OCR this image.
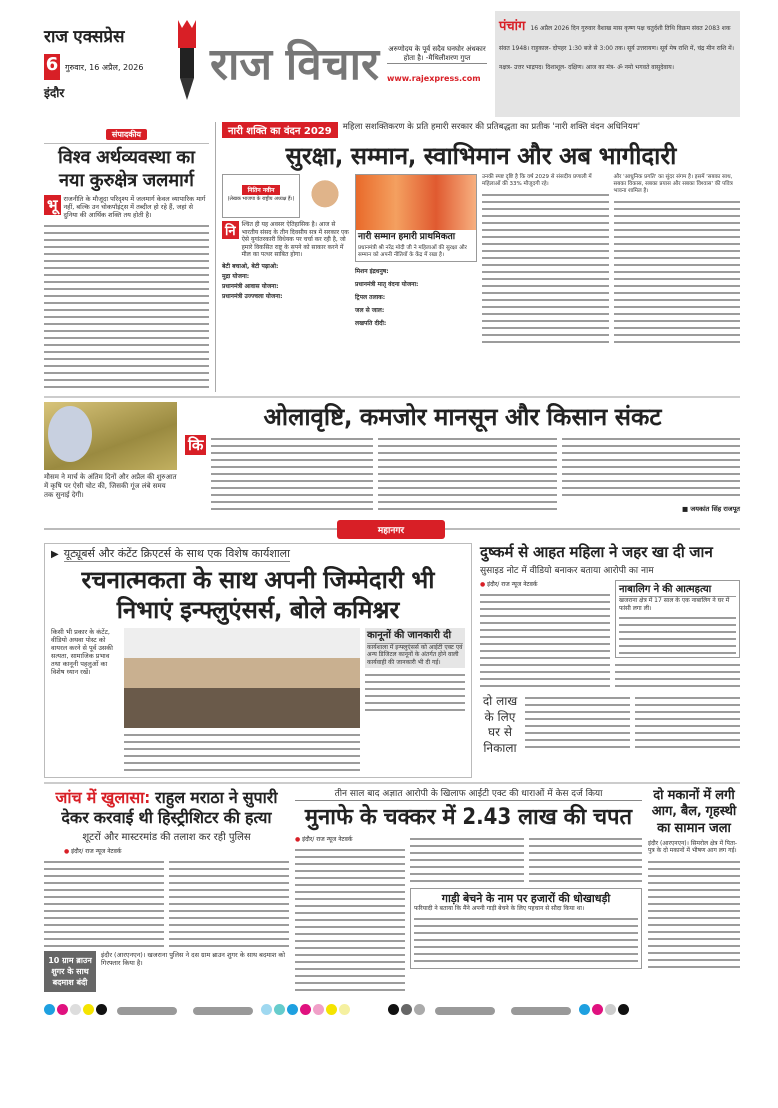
राज एक्सप्रेस
6 गुरुवार, 16 अप्रैल, 2026
इंदौर
राज विचार अरुणोदय के पूर्व सदैव घनघोर अंधकार होता है। -मैथिलीशरण गुप्त
www.rajexpress.com
पंचांग 16 अप्रैल 2026 दिन गुरुवार वैशाख मास कृष्ण पक्ष चतुर्दशी तिथि विक्रम संवत 2083 शक संवत 1948। राहुकाल- दोपहर 1:30 बजे से 3:00 तक। सूर्य उत्तरायण। सूर्य मेष राशि में, चंद्र मीन राशि में। नक्षत्र- उत्तर भाद्रपद। दिशाशूल- दक्षिण। आज का मंत्र- ॐ नमो भगवते वासुदेवाय।
संपादकीय
विश्व अर्थव्यवस्था का नया कुरुक्षेत्र जलमार्ग
भू राजनीति के मौजूदा परिदृश्य में जलमार्ग केवल व्यापारिक मार्ग नहीं, बल्कि उन चोकपॉइंट्स में तब्दील हो रहे हैं, जहां से दुनिया की आर्थिक शक्ति तय होती है।
नारी शक्ति का वंदन 2029	महिला सशक्तिकरण के प्रति हमारी सरकार की प्रतिबद्धता का प्रतीक 'नारी शक्ति वंदन अधिनियम'
सुरक्षा, सम्मान, स्वाभिमान और अब भागीदारी
नितिन नवीन
(लेखक भाजपा के राष्ट्रीय अध्यक्ष हैं।)
नि	श्चित ही यह अवसर ऐतिहासिक है। आज से भारतीय संसद के तीन दिवसीय सत्र में सरकार एक ऐसे युगांतरकारी विधेयक पर चर्चा कर रही है, जो हमारे विकसित राष्ट्र के सपने को साकार करने में मील का पत्थर साबित होगा।
बेटी बचाओ, बेटी पढ़ाओ:
मुद्रा योजना:
प्रधानमंत्री आवास योजना:
प्रधानमंत्री उज्ज्वला योजना:
नारी सम्मान हमारी प्राथमिकता
प्रधानमंत्री श्री नरेंद्र मोदी जी ने महिलाओं की सुरक्षा और सम्मान को अपनी नीतियों के केंद्र में रखा है।
मिशन इंद्रधनुष:
प्रधानमंत्री मातृ वंदना योजना:
ट्रिपल तलाक:
जल से जाल:
लखपति दीदी:
उनकी स्पष्ट दृष्टि है कि वर्ष 2029 से संसदीय प्रणाली में महिलाओं की 33% मौजूदगी रहे।
और 'आधुनिक प्रगति' का सुंदर संगम है। इसमें 'सबका साथ, सबका विकास, सबका प्रयास और सबका विश्वास' की पवित्र भावना शामिल है।
मौसम ने मार्च के अंतिम दिनों और अप्रैल की शुरुआत में कृषि पर ऐसी चोट की, जिसकी गूंज लंबे समय तक सुनाई देगी।
ओलावृष्टि, कमजोर मानसून और किसान संकट
कि
■ जयकांत सिंह राजपूत
महानगर
▶ यूट्यूबर्स और कंटेंट क्रिएटर्स के साथ एक विशेष कार्यशाला
रचनात्मकता के साथ अपनी जिम्मेदारी भी निभाएं इन्फ्लुएंसर्स, बोले कमिश्नर
किसी भी प्रकार के कंटेंट, वीडियो अथवा पोस्ट को वायरल करने से पूर्व उसकी सत्यता, सामाजिक प्रभाव तथा कानूनी पहलुओं का विशेष ध्यान रखें।
कानूनों की जानकारी दी
कार्यशाला में इन्फ्लुएंसर्स को आईटी एक्ट एवं अन्य डिजिटल कानूनों के अंतर्गत होने वाली कार्यवाही की जानकारी भी दी गई।
दुष्कर्म से आहत महिला ने जहर खा दी जान
सुसाइड नोट में वीडियो बनाकर बताया आरोपी का नाम
● इंदौर/ राज न्यूज नेटवर्क	नाबालिग ने की आत्महत्या
खजराना क्षेत्र में 17 साल के एक नाबालिग ने घर में फांसी लगा ली।
दो लाख के लिए घर से निकाला
जांच में खुलासा: राहुल मराठा ने सुपारी देकर करवाई थी हिस्ट्रीशिटर की हत्या
शूटरों और मास्टरमांड की तलाश कर रही पुलिस
● इंदौर/ राज न्यूज नेटवर्क
10 ग्राम ब्राउन शुगर के साथ बदमाश बंदी
इंदौर (आरएनएन)। खजराना पुलिस ने दस ग्राम ब्राउन शुगर के साथ बदमाश को गिरफ्तार किया है।
तीन साल बाद अज्ञात आरोपी के खिलाफ आईटी एक्ट की धाराओं में केस दर्ज किया
मुनाफे के चक्कर में 2.43 लाख की चपत
● इंदौर/ राज न्यूज नेटवर्क
गाड़ी बेचने के नाम पर हजारों की धोखाधड़ी
फरियादी ने बताया कि मैंने अपनी गाड़ी बेचने के लिए पहचान से सौदा किया था।
दो मकानों में लगी आग, बैल, गृहस्थी का सामान जला
इंदौर (आरएनएन)। सिमरोल क्षेत्र में पिता-पुत्र के दो मकानों में भीषण आग लग गई।
